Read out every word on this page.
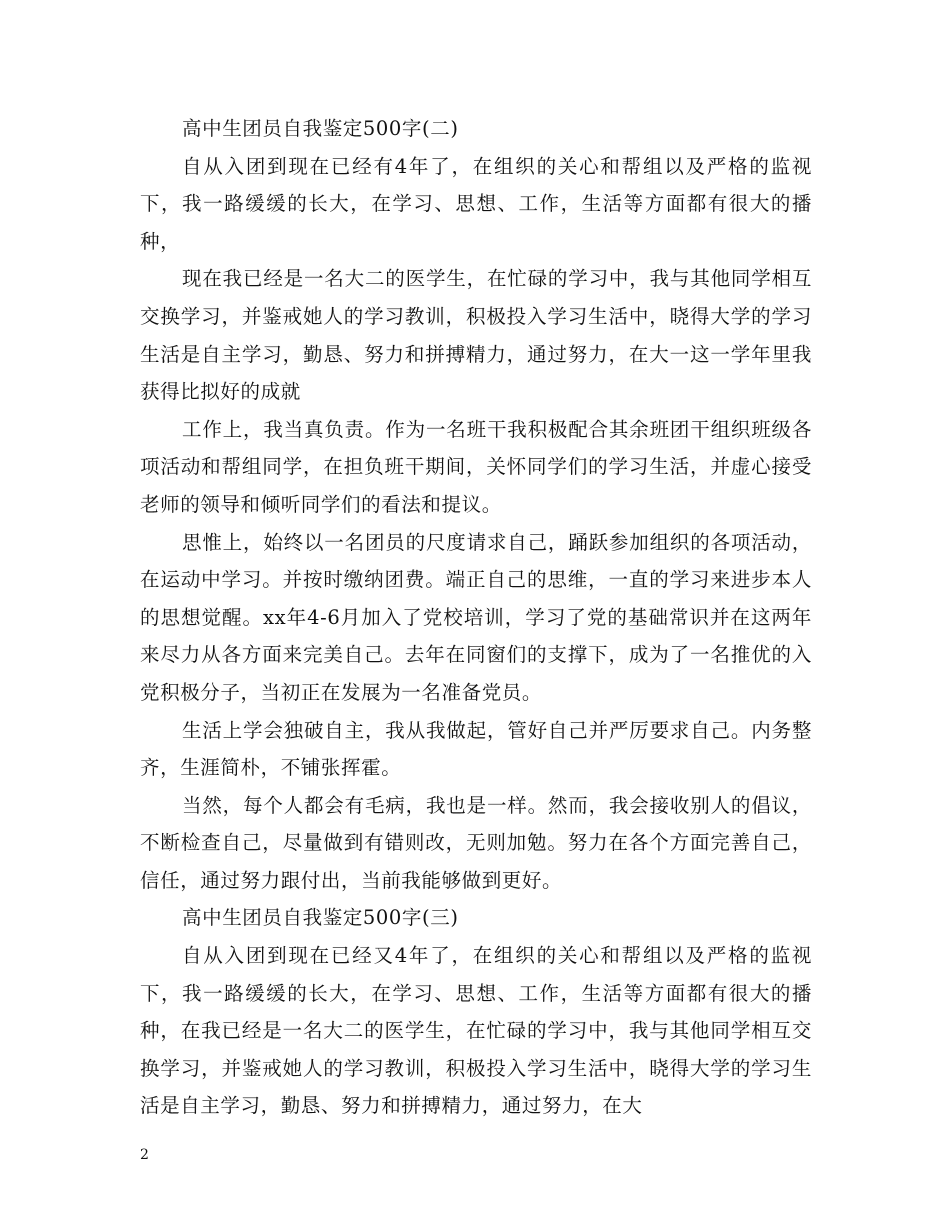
高中生团员自我鉴定500字(二)

自从入团到现在已经有4年了，在组织的关心和帮组以及严格的监视下，我一路缓缓的长大，在学习、思想、工作，生活等方面都有很大的播种，

现在我已经是一名大二的医学生，在忙碌的学习中，我与其他同学相互交换学习，并鉴戒她人的学习教训，积极投入学习生活中，晓得大学的学习生活是自主学习，勤恳、努力和拼搏精力，通过努力，在大一这一学年里我获得比拟好的成就

工作上，我当真负责。作为一名班干我积极配合其余班团干组织班级各项活动和帮组同学，在担负班干期间，关怀同学们的学习生活，并虚心接受老师的领导和倾听同学们的看法和提议。

思惟上，始终以一名团员的尺度请求自己，踊跃参加组织的各项活动，在运动中学习。并按时缴纳团费。端正自己的思维，一直的学习来进步本人的思想觉醒。xx年4-6月加入了党校培训，学习了党的基础常识并在这两年来尽力从各方面来完美自己。去年在同窗们的支撑下，成为了一名推优的入党积极分子，当初正在发展为一名准备党员。

生活上学会独破自主，我从我做起，管好自己并严厉要求自己。内务整齐，生涯简朴，不铺张挥霍。

当然，每个人都会有毛病，我也是一样。然而，我会接收别人的倡议，不断检查自己，尽量做到有错则改，无则加勉。努力在各个方面完善自己，信任，通过努力跟付出，当前我能够做到更好。

高中生团员自我鉴定500字(三)

自从入团到现在已经又4年了，在组织的关心和帮组以及严格的监视下，我一路缓缓的长大，在学习、思想、工作，生活等方面都有很大的播种，在我已经是一名大二的医学生，在忙碌的学习中，我与其他同学相互交换学习，并鉴戒她人的学习教训，积极投入学习生活中，晓得大学的学习生活是自主学习，勤恳、努力和拼搏精力，通过努力，在大

2
